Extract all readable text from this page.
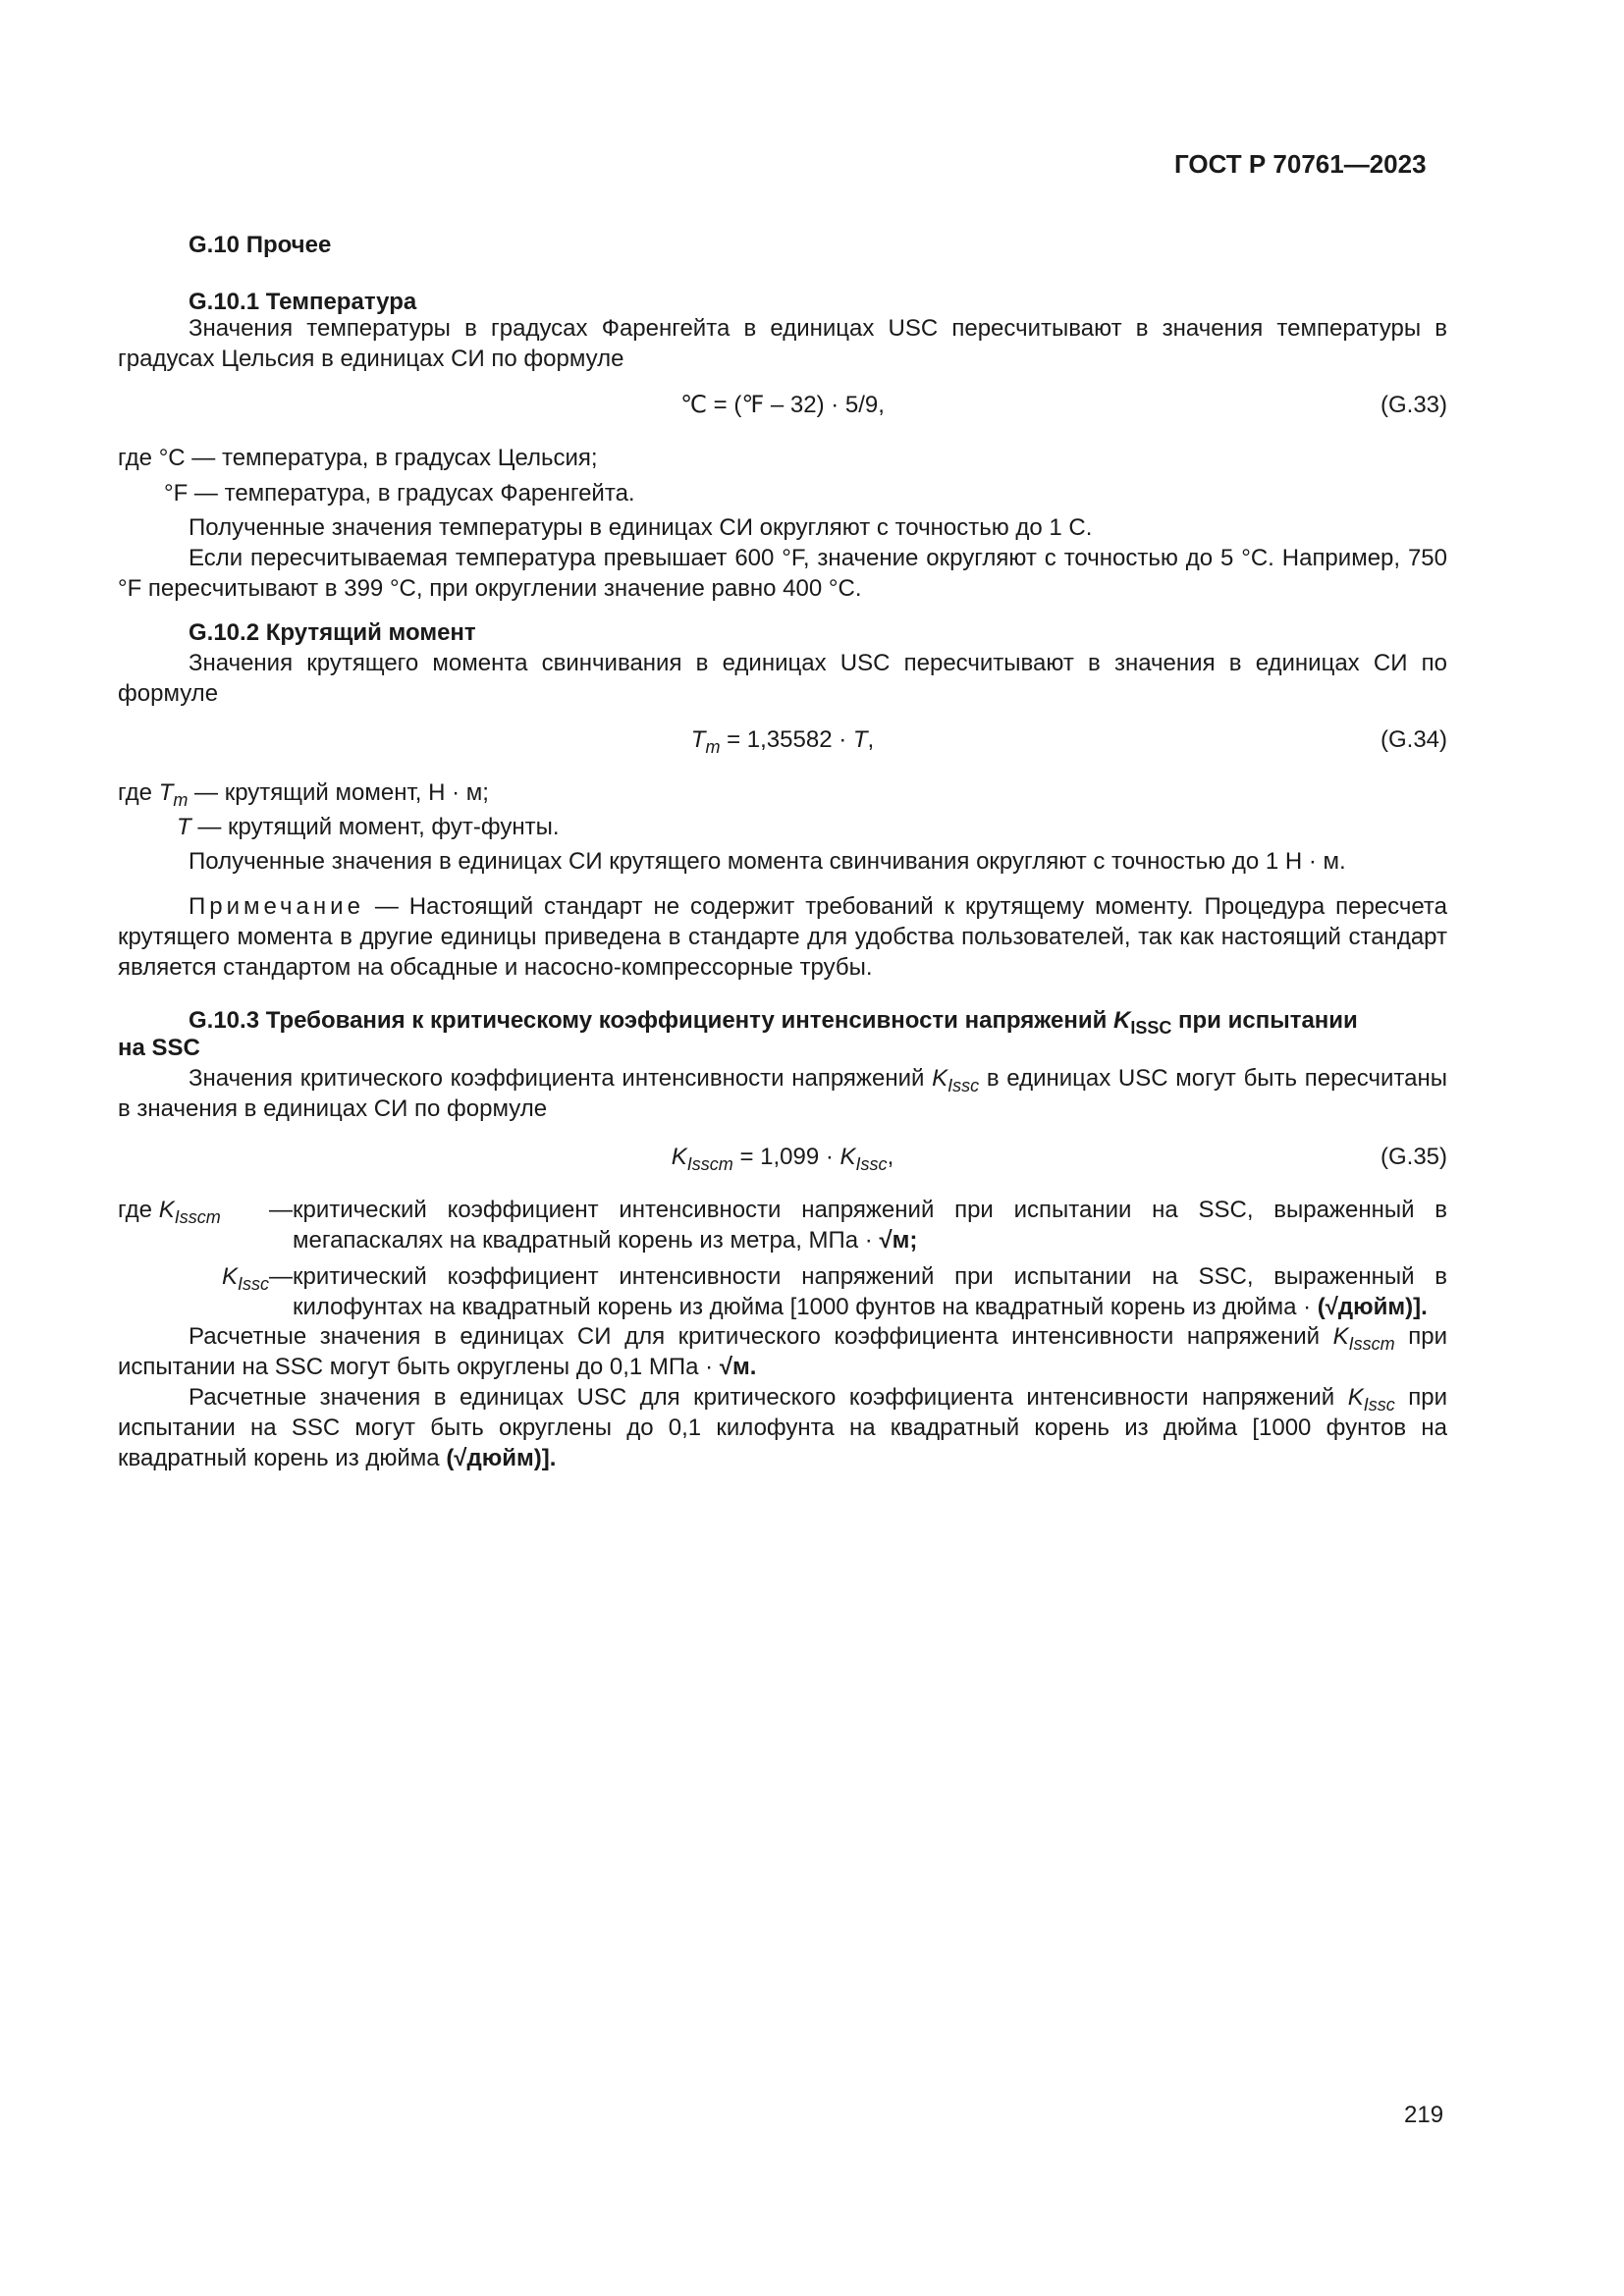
ГОСТ Р 70761—2023
G.10 Прочее
G.10.1 Температура
Значения температуры в градусах Фаренгейта в единицах USC пересчитывают в значения температуры в градусах Цельсия в единицах СИ по формуле
℃ = (℉ – 32) · 5/9,	(G.33)
где °C — температура, в градусах Цельсия;
°F — температура, в градусах Фаренгейта.
Полученные значения температуры в единицах СИ округляют с точностью до 1 С.
Если пересчитываемая температура превышает 600 °F, значение округляют с точностью до 5 °C. Например, 750 °F пересчитывают в 399 °C, при округлении значение равно 400 °C.
G.10.2 Крутящий момент
Значения крутящего момента свинчивания в единицах USC пересчитывают в значения в единицах СИ по формуле
$T_m = 1,35582 \cdot T$,	(G.34)
где $T_m$ — крутящий момент, Н · м;
T — крутящий момент, фут-фунты.
Полученные значения в единицах СИ крутящего момента свинчивания округляют с точностью до 1 Н · м.
Примечание — Настоящий стандарт не содержит требований к крутящему моменту. Процедура пересчета крутящего момента в другие единицы приведена в стандарте для удобства пользователей, так как настоящий стандарт является стандартом на обсадные и насосно-компрессорные трубы.
G.10.3 Требования к критическому коэффициенту интенсивности напряжений $K_{ISSC}$ при испытании
на SSC
Значения критического коэффициента интенсивности напряжений $K_{Issc}$ в единицах USC могут быть пересчитаны в значения в единицах СИ по формуле
$K_{Isscm} = 1,099 \cdot K_{Issc}$,	(G.35)
где $K_{Isscm}$	— критический коэффициент интенсивности напряжений при испытании на SSC, выраженный в мегапаскалях на квадратный корень из метра, МПа · √м;
$K_{Issc}$ — критический коэффициент интенсивности напряжений при испытании на SSC, выраженный в килофунтах на квадратный корень из дюйма [1000 фунтов на квадратный корень из дюйма · (√дюйм)].
Расчетные значения в единицах СИ для критического коэффициента интенсивности напряжений $K_{Isscm}$ при испытании на SSC могут быть округлены до 0,1 МПа · √м.
Расчетные значения в единицах USC для критического коэффициента интенсивности напряжений $K_{Issc}$ при испытании на SSC могут быть округлены до 0,1 килофунта на квадратный корень из дюйма [1000 фунтов на квадратный корень из дюйма (√дюйм)].
219
